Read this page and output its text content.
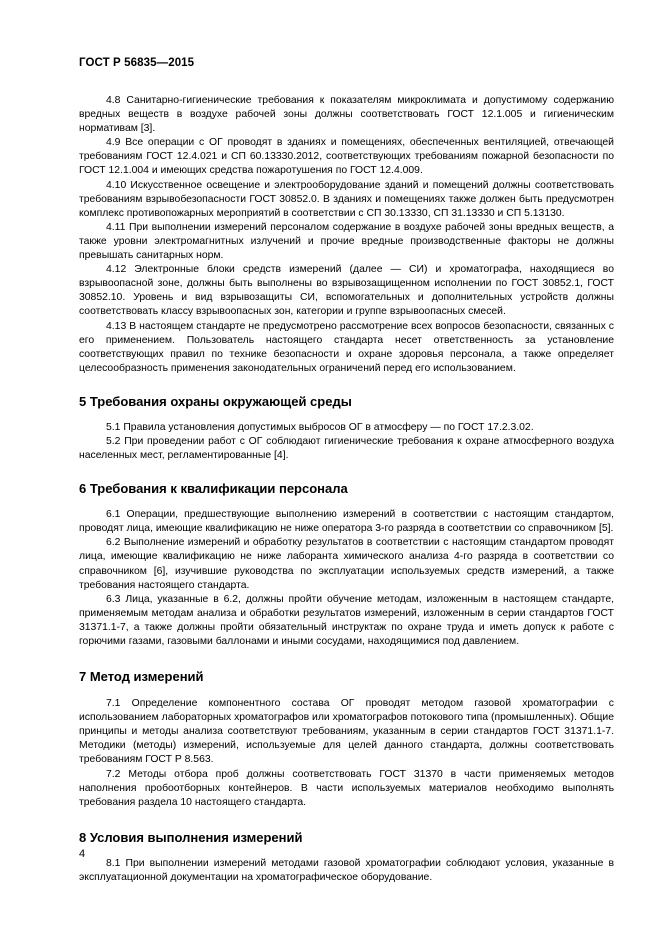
ГОСТ Р 56835—2015

4.8 Санитарно-гигиенические требования к показателям микроклимата и допустимому содержанию вредных веществ в воздухе рабочей зоны должны соответствовать ГОСТ 12.1.005 и гигиеническим нормативам [3].

4.9 Все операции с ОГ проводят в зданиях и помещениях, обеспеченных вентиляцией, отвечающей требованиям ГОСТ 12.4.021 и СП 60.13330.2012, соответствующих требованиям пожарной безопасности по ГОСТ 12.1.004 и имеющих средства пожаротушения по ГОСТ 12.4.009.

4.10 Искусственное освещение и электрооборудование зданий и помещений должны соответствовать требованиям взрывобезопасности ГОСТ 30852.0. В зданиях и помещениях также должен быть предусмотрен комплекс противопожарных мероприятий в соответствии с СП 30.13330, СП 31.13330 и СП 5.13130.

4.11 При выполнении измерений персоналом содержание в воздухе рабочей зоны вредных веществ, а также уровни электромагнитных излучений и прочие вредные производственные факторы не должны превышать санитарных норм.

4.12 Электронные блоки средств измерений (далее — СИ) и хроматографа, находящиеся во взрывоопасной зоне, должны быть выполнены во взрывозащищенном исполнении по ГОСТ 30852.1, ГОСТ 30852.10. Уровень и вид взрывозащиты СИ, вспомогательных и дополнительных устройств должны соответствовать классу взрывоопасных зон, категории и группе взрывоопасных смесей.

4.13 В настоящем стандарте не предусмотрено рассмотрение всех вопросов безопасности, связанных с его применением. Пользователь настоящего стандарта несет ответственность за установление соответствующих правил по технике безопасности и охране здоровья персонала, а также определяет целесообразность применения законодательных ограничений перед его использованием.

5 Требования охраны окружающей среды

5.1 Правила установления допустимых выбросов ОГ в атмосферу — по ГОСТ 17.2.3.02.

5.2 При проведении работ с ОГ соблюдают гигиенические требования к охране атмосферного воздуха населенных мест, регламентированные [4].

6 Требования к квалификации персонала

6.1 Операции, предшествующие выполнению измерений в соответствии с настоящим стандартом, проводят лица, имеющие квалификацию не ниже оператора 3-го разряда в соответствии со справочником [5].

6.2 Выполнение измерений и обработку результатов в соответствии с настоящим стандартом проводят лица, имеющие квалификацию не ниже лаборанта химического анализа 4-го разряда в соответствии со справочником [6], изучившие руководства по эксплуатации используемых средств измерений, а также требования настоящего стандарта.

6.3 Лица, указанные в 6.2, должны пройти обучение методам, изложенным в настоящем стандарте, применяемым методам анализа и обработки результатов измерений, изложенным в серии стандартов ГОСТ 31371.1-7, а также должны пройти обязательный инструктаж по охране труда и иметь допуск к работе с горючими газами, газовыми баллонами и иными сосудами, находящимися под давлением.

7 Метод измерений

7.1 Определение компонентного состава ОГ проводят методом газовой хроматографии с использованием лабораторных хроматографов или хроматографов потокового типа (промышленных). Общие принципы и методы анализа соответствуют требованиям, указанным в серии стандартов ГОСТ 31371.1-7. Методики (методы) измерений, используемые для целей данного стандарта, должны соответствовать требованиям ГОСТ Р 8.563.

7.2 Методы отбора проб должны соответствовать ГОСТ 31370 в части применяемых методов наполнения пробоотборных контейнеров. В части используемых материалов необходимо выполнять требования раздела 10 настоящего стандарта.

8 Условия выполнения измерений

8.1 При выполнении измерений методами газовой хроматографии соблюдают условия, указанные в эксплуатационной документации на хроматографическое оборудование.

4
